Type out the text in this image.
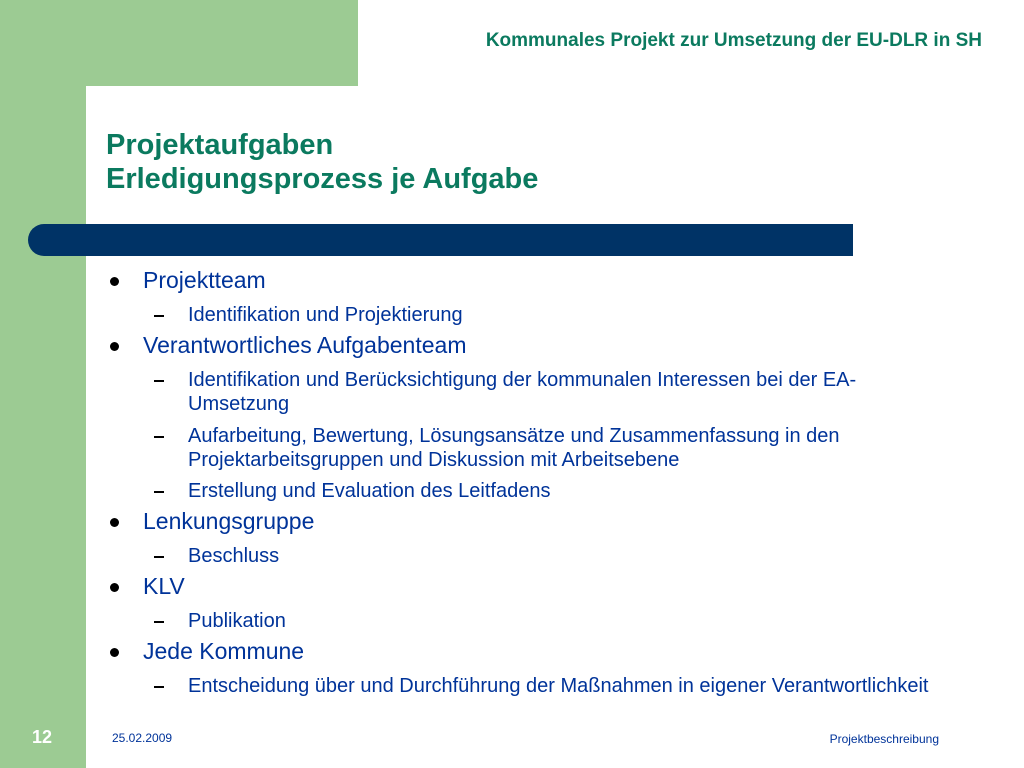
Kommunales Projekt zur Umsetzung der EU-DLR in SH
Projektaufgaben
Erledigungsprozess je Aufgabe
Projektteam
Identifikation und Projektierung
Verantwortliches Aufgabenteam
Identifikation und Berücksichtigung der kommunalen Interessen bei der EA-Umsetzung
Aufarbeitung, Bewertung, Lösungsansätze und Zusammenfassung in den Projektarbeitsgruppen und Diskussion mit Arbeitsebene
Erstellung und Evaluation des Leitfadens
Lenkungsgruppe
Beschluss
KLV
Publikation
Jede Kommune
Entscheidung über und Durchführung der Maßnahmen in eigener Verantwortlichkeit
12	25.02.2009	Projektbeschreibung
